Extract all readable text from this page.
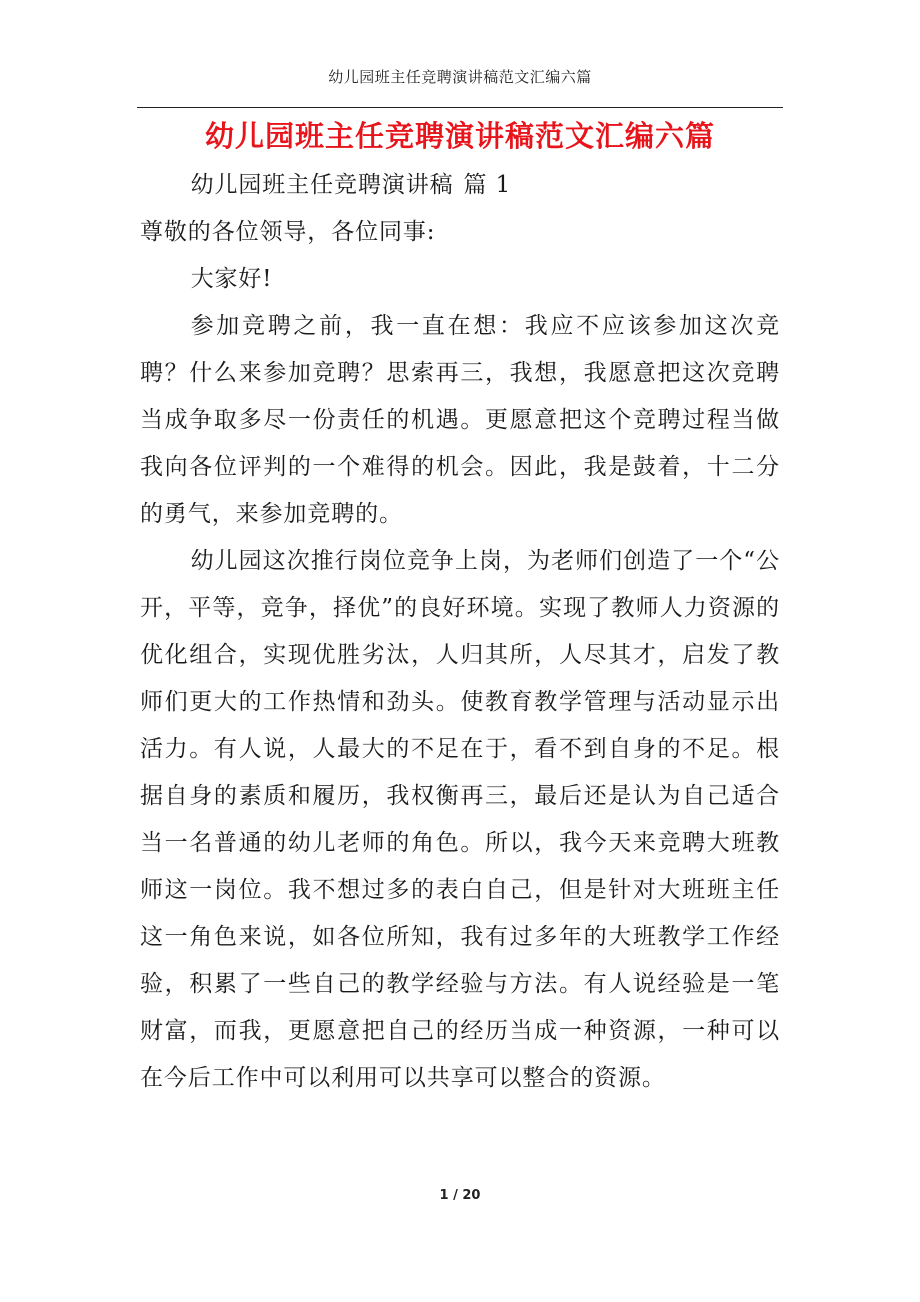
幼儿园班主任竞聘演讲稿范文汇编六篇
幼儿园班主任竞聘演讲稿范文汇编六篇

幼儿园班主任竞聘演讲稿 篇 1

尊敬的各位领导，各位同事:

大家好!

参加竞聘之前，我一直在想：我应不应该参加这次竞聘？什么来参加竞聘？思索再三，我想，我愿意把这次竞聘当成争取多尽一份责任的机遇。更愿意把这个竞聘过程当做我向各位评判的一个难得的机会。因此，我是鼓着，十二分的勇气，来参加竞聘的。

幼儿园这次推行岗位竞争上岗，为老师们创造了一个“公开，平等，竞争，择优”的良好环境。实现了教师人力资源的优化组合，实现优胜劣汰，人归其所，人尽其才，启发了教师们更大的工作热情和劲头。使教育教学管理与活动显示出活力。有人说，人最大的不足在于，看不到自身的不足。根据自身的素质和履历，我权衡再三，最后还是认为自己适合当一名普通的幼儿老师的角色。所以，我今天来竞聘大班教师这一岗位。我不想过多的表白自己，但是针对大班班主任这一角色来说，如各位所知，我有过多年的大班教学工作经验，积累了一些自己的教学经验与方法。有人说经验是一笔财富，而我，更愿意把自己的经历当成一种资源，一种可以在今后工作中可以利用可以共享可以整合的资源。

1 / 20
